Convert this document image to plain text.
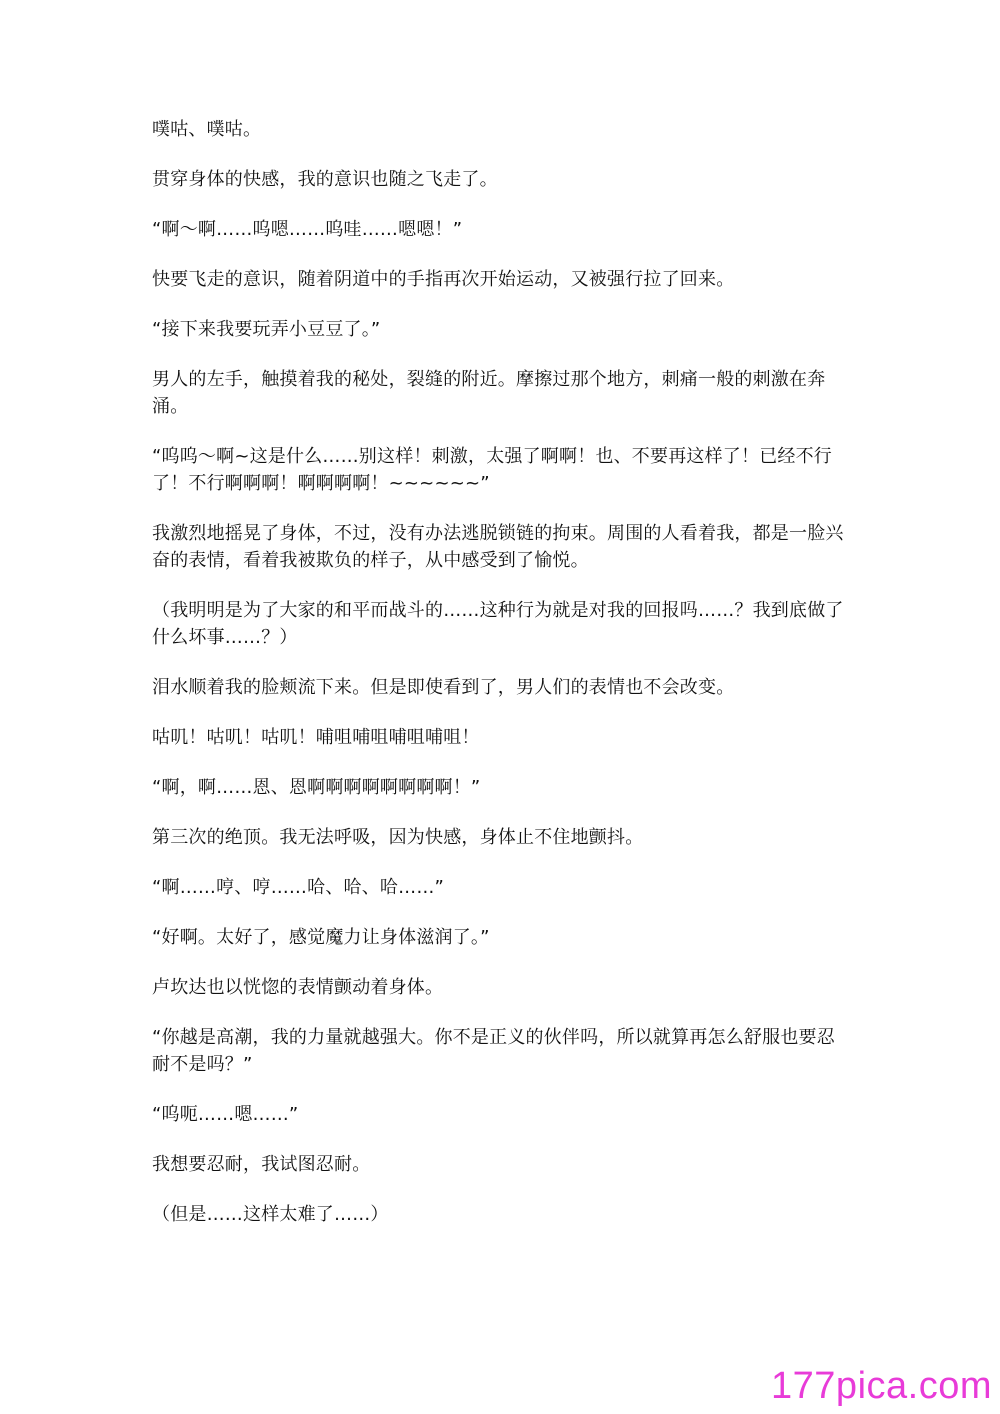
噗咕、噗咕。

贯穿身体的快感，我的意识也随之飞走了。

“啊～啊……呜嗯……呜哇……嗯嗯！”

快要飞走的意识，随着阴道中的手指再次开始运动，又被强行拉了回来。

“接下来我要玩弄小豆豆了。”

男人的左手，触摸着我的秘处，裂缝的附近。摩擦过那个地方，刺痛一般的刺激在奔涌。

“呜呜～啊~这是什么……别这样！刺激，太强了啊啊！也、不要再这样了！已经不行了！不行啊啊啊！啊啊啊啊！~~~~~~”

我激烈地摇晃了身体，不过，没有办法逃脱锁链的拘束。周围的人看着我，都是一脸兴奋的表情，看着我被欺负的样子，从中感受到了愉悦。

（我明明是为了大家的和平而战斗的……这种行为就是对我的回报吗……？我到底做了什么坏事……？）

泪水顺着我的脸颊流下来。但是即使看到了，男人们的表情也不会改变。

咕叽！咕叽！咕叽！哺咀哺咀哺咀哺咀！

“啊，啊……恩、恩啊啊啊啊啊啊啊啊！”

第三次的绝顶。我无法呼吸，因为快感，身体止不住地颤抖。

“啊……哼、哼……哈、哈、哈……”

“好啊。太好了，感觉魔力让身体滋润了。”

卢坎达也以恍惚的表情颤动着身体。

“你越是高潮，我的力量就越强大。你不是正义的伙伴吗，所以就算再怎么舒服也要忍耐不是吗？”

“呜呃……嗯……”

我想要忍耐，我试图忍耐。

（但是……这样太难了……）

177pica.com
